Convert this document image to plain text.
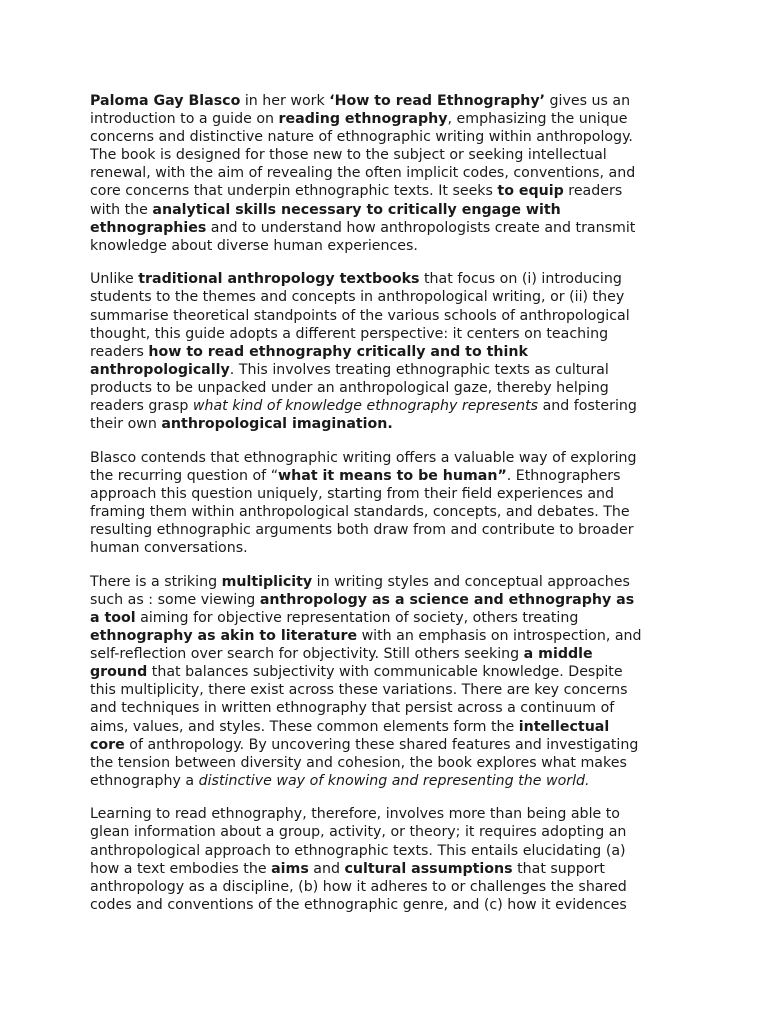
Paloma Gay Blasco in her work ‘How to read Ethnography’ gives us an
introduction to a guide on reading ethnography, emphasizing the unique
concerns and distinctive nature of ethnographic writing within anthropology.
The book is designed for those new to the subject or seeking intellectual
renewal, with the aim of revealing the often implicit codes, conventions, and
core concerns that underpin ethnographic texts. It seeks to equip readers
with the analytical skills necessary to critically engage with
ethnographies and to understand how anthropologists create and transmit
knowledge about diverse human experiences.

Unlike traditional anthropology textbooks that focus on (i) introducing
students to the themes and concepts in anthropological writing, or (ii) they
summarise theoretical standpoints of the various schools of anthropological
thought, this guide adopts a different perspective: it centers on teaching
readers how to read ethnography critically and to think
anthropologically. This involves treating ethnographic texts as cultural
products to be unpacked under an anthropological gaze, thereby helping
readers grasp what kind of knowledge ethnography represents and fostering
their own anthropological imagination.

Blasco contends that ethnographic writing offers a valuable way of exploring
the recurring question of “what it means to be human”. Ethnographers
approach this question uniquely, starting from their field experiences and
framing them within anthropological standards, concepts, and debates. The
resulting ethnographic arguments both draw from and contribute to broader
human conversations.

There is a striking multiplicity in writing styles and conceptual approaches
such as : some viewing anthropology as a science and ethnography as
a tool aiming for objective representation of society, others treating
ethnography as akin to literature with an emphasis on introspection, and
self-reflection over search for objectivity. Still others seeking a middle
ground that balances subjectivity with communicable knowledge. Despite
this multiplicity, there exist across these variations. There are key concerns
and techniques in written ethnography that persist across a continuum of
aims, values, and styles. These common elements form the intellectual
core of anthropology. By uncovering these shared features and investigating
the tension between diversity and cohesion, the book explores what makes
ethnography a distinctive way of knowing and representing the world.

Learning to read ethnography, therefore, involves more than being able to
glean information about a group, activity, or theory; it requires adopting an
anthropological approach to ethnographic texts. This entails elucidating (a)
how a text embodies the aims and cultural assumptions that support
anthropology as a discipline, (b) how it adheres to or challenges the shared
codes and conventions of the ethnographic genre, and (c) how it evidences
